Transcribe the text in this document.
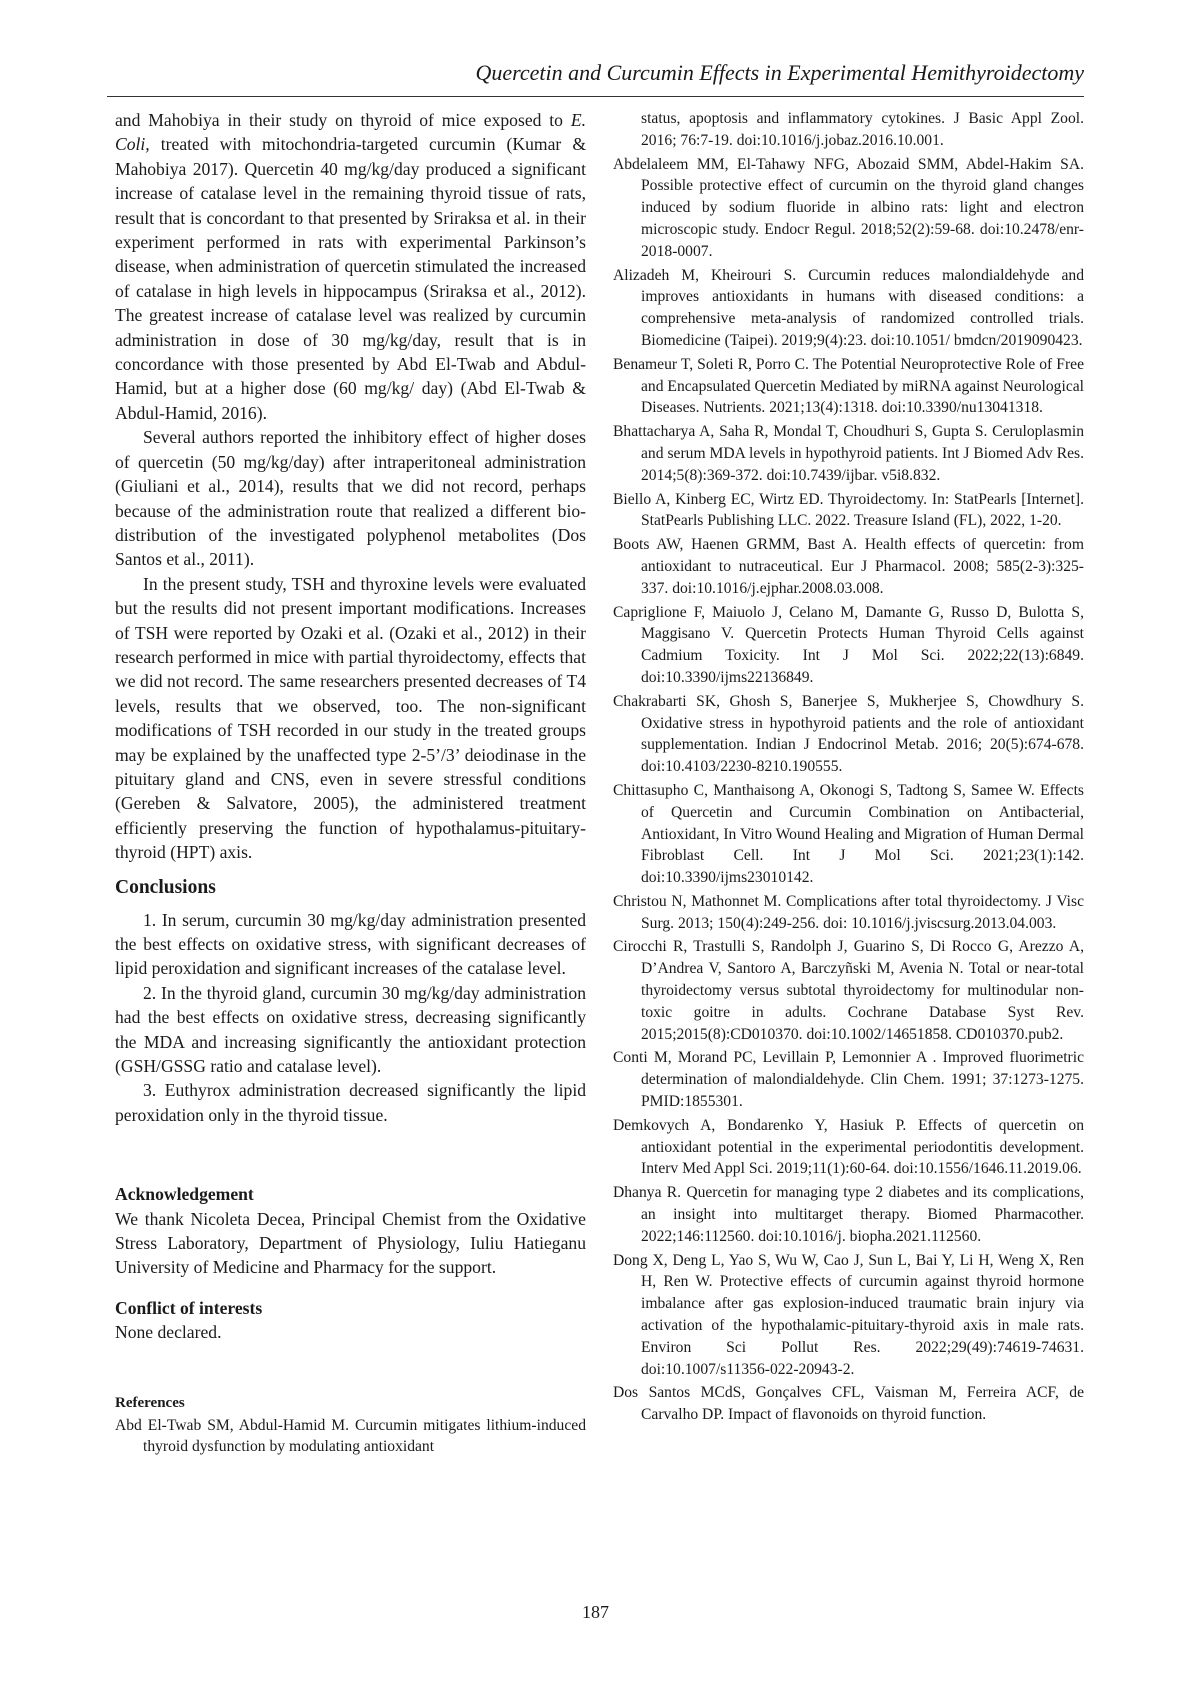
Quercetin and Curcumin Effects in Experimental Hemithyroidectomy

and Mahobiya in their study on thyroid of mice exposed to E. Coli, treated with mitochondria-targeted curcumin (Kumar & Mahobiya 2017). Quercetin 40 mg/kg/day produced a significant increase of catalase level in the remaining thyroid tissue of rats, result that is concordant to that presented by Sriraksa et al. in their experiment performed in rats with experimental Parkinson’s disease, when administration of quercetin stimulated the increased of catalase in high levels in hippocampus (Sriraksa et al., 2012). The greatest increase of catalase level was realized by curcumin administration in dose of 30 mg/kg/day, result that is in concordance with those presented by Abd El-Twab and Abdul-Hamid, but at a higher dose (60 mg/kg/ day) (Abd El-Twab & Abdul-Hamid, 2016).

Several authors reported the inhibitory effect of higher doses of quercetin (50 mg/kg/day) after intraperitoneal administration (Giuliani et al., 2014), results that we did not record, perhaps because of the administration route that realized a different bio-distribution of the investigated polyphenol metabolites (Dos Santos et al., 2011).

In the present study, TSH and thyroxine levels were evaluated but the results did not present important modifications. Increases of TSH were reported by Ozaki et al. (Ozaki et al., 2012) in their research performed in mice with partial thyroidectomy, effects that we did not record. The same researchers presented decreases of T4 levels, results that we observed, too. The non-significant modifications of TSH recorded in our study in the treated groups may be explained by the unaffected type 2-5’/3’ deiodinase in the pituitary gland and CNS, even in severe stressful conditions (Gereben & Salvatore, 2005), the administered treatment efficiently preserving the function of hypothalamus-pituitary-thyroid (HPT) axis.

Conclusions

1. In serum, curcumin 30 mg/kg/day administration presented the best effects on oxidative stress, with significant decreases of lipid peroxidation and significant increases of the catalase level.

2. In the thyroid gland, curcumin 30 mg/kg/day administration had the best effects on oxidative stress, decreasing significantly the MDA and increasing significantly the antioxidant protection (GSH/GSSG ratio and catalase level).

3. Euthyrox administration decreased significantly the lipid peroxidation only in the thyroid tissue.

Acknowledgement

We thank Nicoleta Decea, Principal Chemist from the Oxidative Stress Laboratory, Department of Physiology, Iuliu Hatieganu University of Medicine and Pharmacy for the support.

Conflict of interests

None declared.

References

Abd El-Twab SM, Abdul-Hamid M. Curcumin mitigates lithium-induced thyroid dysfunction by modulating antioxidant

status, apoptosis and inflammatory cytokines. J Basic Appl Zool. 2016; 76:7-19. doi:10.1016/j.jobaz.2016.10.001.

Abdelaleem MM, El-Tahawy NFG, Abozaid SMM, Abdel-Hakim SA. Possible protective effect of curcumin on the thyroid gland changes induced by sodium fluoride in albino rats: light and electron microscopic study. Endocr Regul. 2018;52(2):59-68. doi:10.2478/enr-2018-0007.

Alizadeh M, Kheirouri S. Curcumin reduces malondialdehyde and improves antioxidants in humans with diseased conditions: a comprehensive meta-analysis of randomized controlled trials. Biomedicine (Taipei). 2019;9(4):23. doi:10.1051/ bmdcn/2019090423.

Benameur T, Soleti R, Porro C. The Potential Neuroprotective Role of Free and Encapsulated Quercetin Mediated by miRNA against Neurological Diseases. Nutrients. 2021;13(4):1318. doi:10.3390/nu13041318.

Bhattacharya A, Saha R, Mondal T, Choudhuri S, Gupta S. Ceruloplasmin and serum MDA levels in hypothyroid patients. Int J Biomed Adv Res. 2014;5(8):369-372. doi:10.7439/ijbar. v5i8.832.

Biello A, Kinberg EC, Wirtz ED. Thyroidectomy. In: StatPearls [Internet]. StatPearls Publishing LLC. 2022. Treasure Island (FL), 2022, 1-20.

Boots AW, Haenen GRMM, Bast A. Health effects of quercetin: from antioxidant to nutraceutical. Eur J Pharmacol. 2008; 585(2-3):325-337. doi:10.1016/j.ejphar.2008.03.008.

Capriglione F, Maiuolo J, Celano M, Damante G, Russo D, Bulotta S, Maggisano V. Quercetin Protects Human Thyroid Cells against Cadmium Toxicity. Int J Mol Sci. 2022;22(13):6849. doi:10.3390/ijms22136849.

Chakrabarti SK, Ghosh S, Banerjee S, Mukherjee S, Chowdhury S. Oxidative stress in hypothyroid patients and the role of antioxidant supplementation. Indian J Endocrinol Metab. 2016; 20(5):674-678. doi:10.4103/2230-8210.190555.

Chittasupho C, Manthaisong A, Okonogi S, Tadtong S, Samee W. Effects of Quercetin and Curcumin Combination on Antibacterial, Antioxidant, In Vitro Wound Healing and Migration of Human Dermal Fibroblast Cell. Int J Mol Sci. 2021;23(1):142. doi:10.3390/ijms23010142.

Christou N, Mathonnet M. Complications after total thyroidectomy. J Visc Surg. 2013; 150(4):249-256. doi: 10.1016/j.jviscsurg.2013.04.003.

Cirocchi R, Trastulli S, Randolph J, Guarino S, Di Rocco G, Arezzo A, D’Andrea V, Santoro A, Barczyñski M, Avenia N. Total or near-total thyroidectomy versus subtotal thyroidectomy for multinodular non-toxic goitre in adults. Cochrane Database Syst Rev. 2015;2015(8):CD010370. doi:10.1002/14651858. CD010370.pub2.

Conti M, Morand PC, Levillain P, Lemonnier A . Improved fluorimetric determination of malondialdehyde. Clin Chem. 1991; 37:1273-1275. PMID:1855301.

Demkovych A, Bondarenko Y, Hasiuk P. Effects of quercetin on antioxidant potential in the experimental periodontitis development. Interv Med Appl Sci. 2019;11(1):60-64. doi:10.1556/1646.11.2019.06.

Dhanya R. Quercetin for managing type 2 diabetes and its complications, an insight into multitarget therapy. Biomed Pharmacother. 2022;146:112560. doi:10.1016/j. biopha.2021.112560.

Dong X, Deng L, Yao S, Wu W, Cao J, Sun L, Bai Y, Li H, Weng X, Ren H, Ren W. Protective effects of curcumin against thyroid hormone imbalance after gas explosion-induced traumatic brain injury via activation of the hypothalamic-pituitary-thyroid axis in male rats. Environ Sci Pollut Res. 2022;29(49):74619-74631. doi:10.1007/s11356-022-20943-2.

Dos Santos MCdS, Gonçalves CFL, Vaisman M, Ferreira ACF, de Carvalho DP. Impact of flavonoids on thyroid function.

187
